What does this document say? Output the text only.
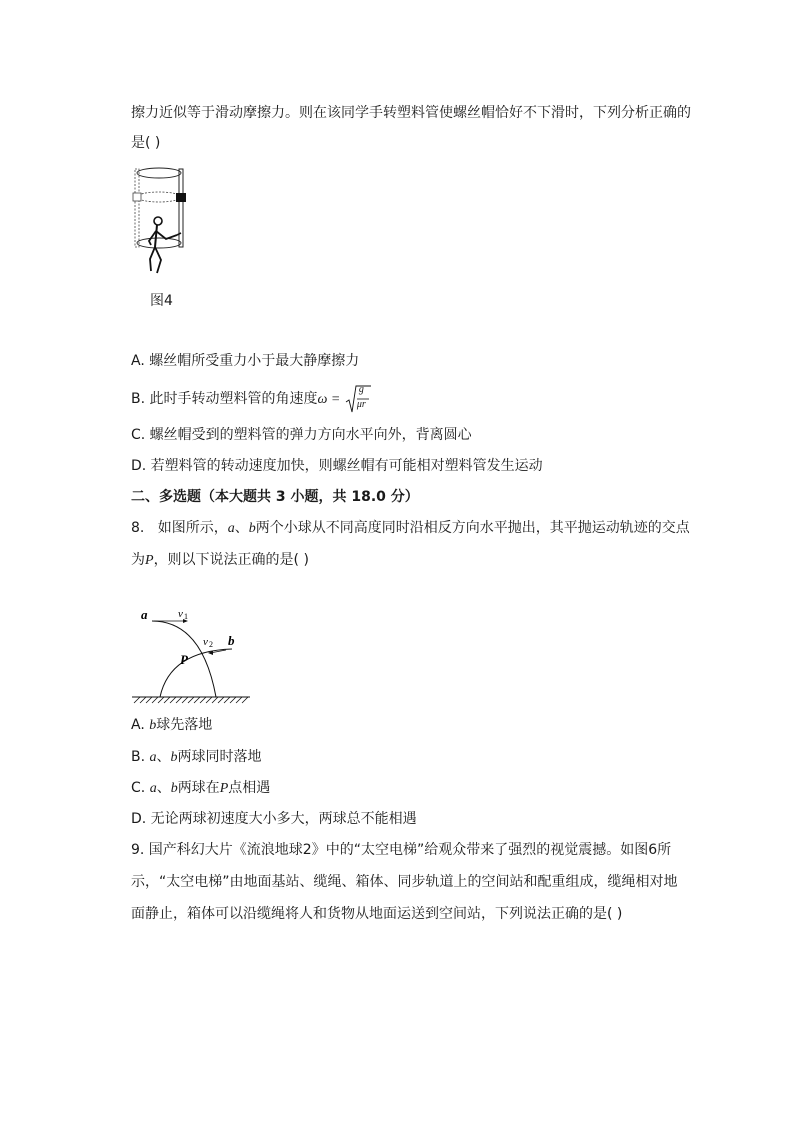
擦力近似等于滑动摩擦力。则在该同学手转塑料管使螺丝帽恰好不下滑时，下列分析正确的
是( )
图4
A. 螺丝帽所受重力小于最大静摩擦力
B. 此时手转动塑料管的角速度ω =
g
μr
C. 螺丝帽受到的塑料管的弹力方向水平向外，背离圆心
D. 若塑料管的转动速度加快，则螺丝帽有可能相对塑料管发生运动
二、多选题（本大题共 3 小题，共 18.0 分）
8. 如图所示，a、b两个小球从不同高度同时沿相反方向水平抛出，其平抛运动轨迹的交点
为P，则以下说法正确的是( )
a	v 1
v 2 b
P
A. b球先落地
B. a、b两球同时落地
C. a、b两球在P点相遇
D. 无论两球初速度大小多大，两球总不能相遇
9. 国产科幻大片《流浪地球2》中的“太空电梯”给观众带来了强烈的视觉震撼。如图6所
示，“太空电梯”由地面基站、缆绳、箱体、同步轨道上的空间站和配重组成，缆绳相对地
面静止，箱体可以沿缆绳将人和货物从地面运送到空间站，下列说法正确的是( )
